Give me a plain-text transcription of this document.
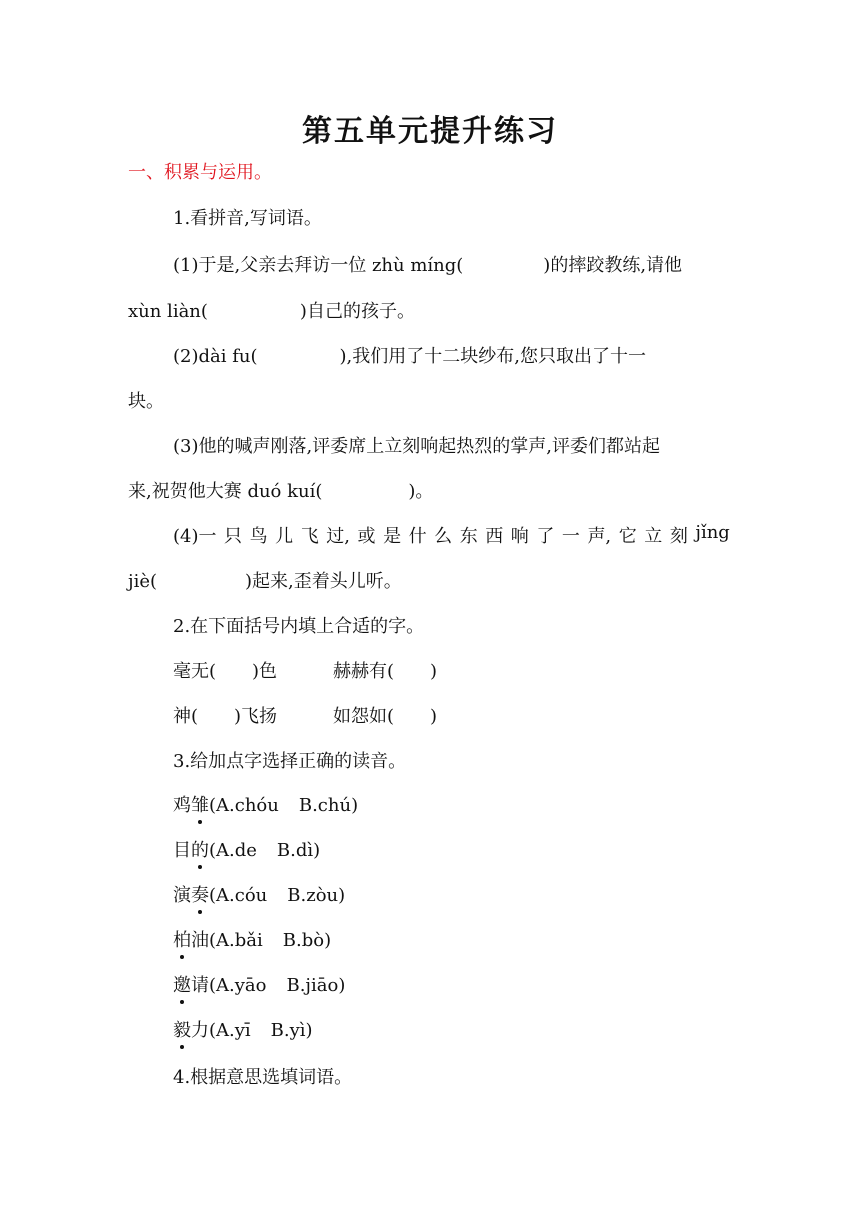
第五单元提升练习

一、积累与运用。

1.看拼音,写词语。

(1)于是,父亲去拜访一位 zhù míng(	)的摔跤教练,请他

xùn liàn(	)自己的孩子。

(2)dài fu(	),我们用了十二块纱布,您只取出了十一

块。

(3)他的喊声刚落,评委席上立刻响起热烈的掌声,评委们都站起

来,祝贺他大赛 duó kuí(	)。

(4)一 只 鸟 儿 飞 过, 或 是 什 么 东 西 响 了 一 声, 它 立 刻 jǐng

jiè(	)起来,歪着头儿听。

2.在下面括号内填上合适的字。

毫无( )色	赫赫有( )

神( )飞扬	如怨如( )

3.给加点字选择正确的读音。

鸡雏(A.chóu B.chú)

目的(A.de B.dì)

演奏(A.cóu B.zòu)

柏油(A.bǎi B.bò)

邀请(A.yāo B.jiāo)

毅力(A.yī B.yì)

4.根据意思选填词语。
